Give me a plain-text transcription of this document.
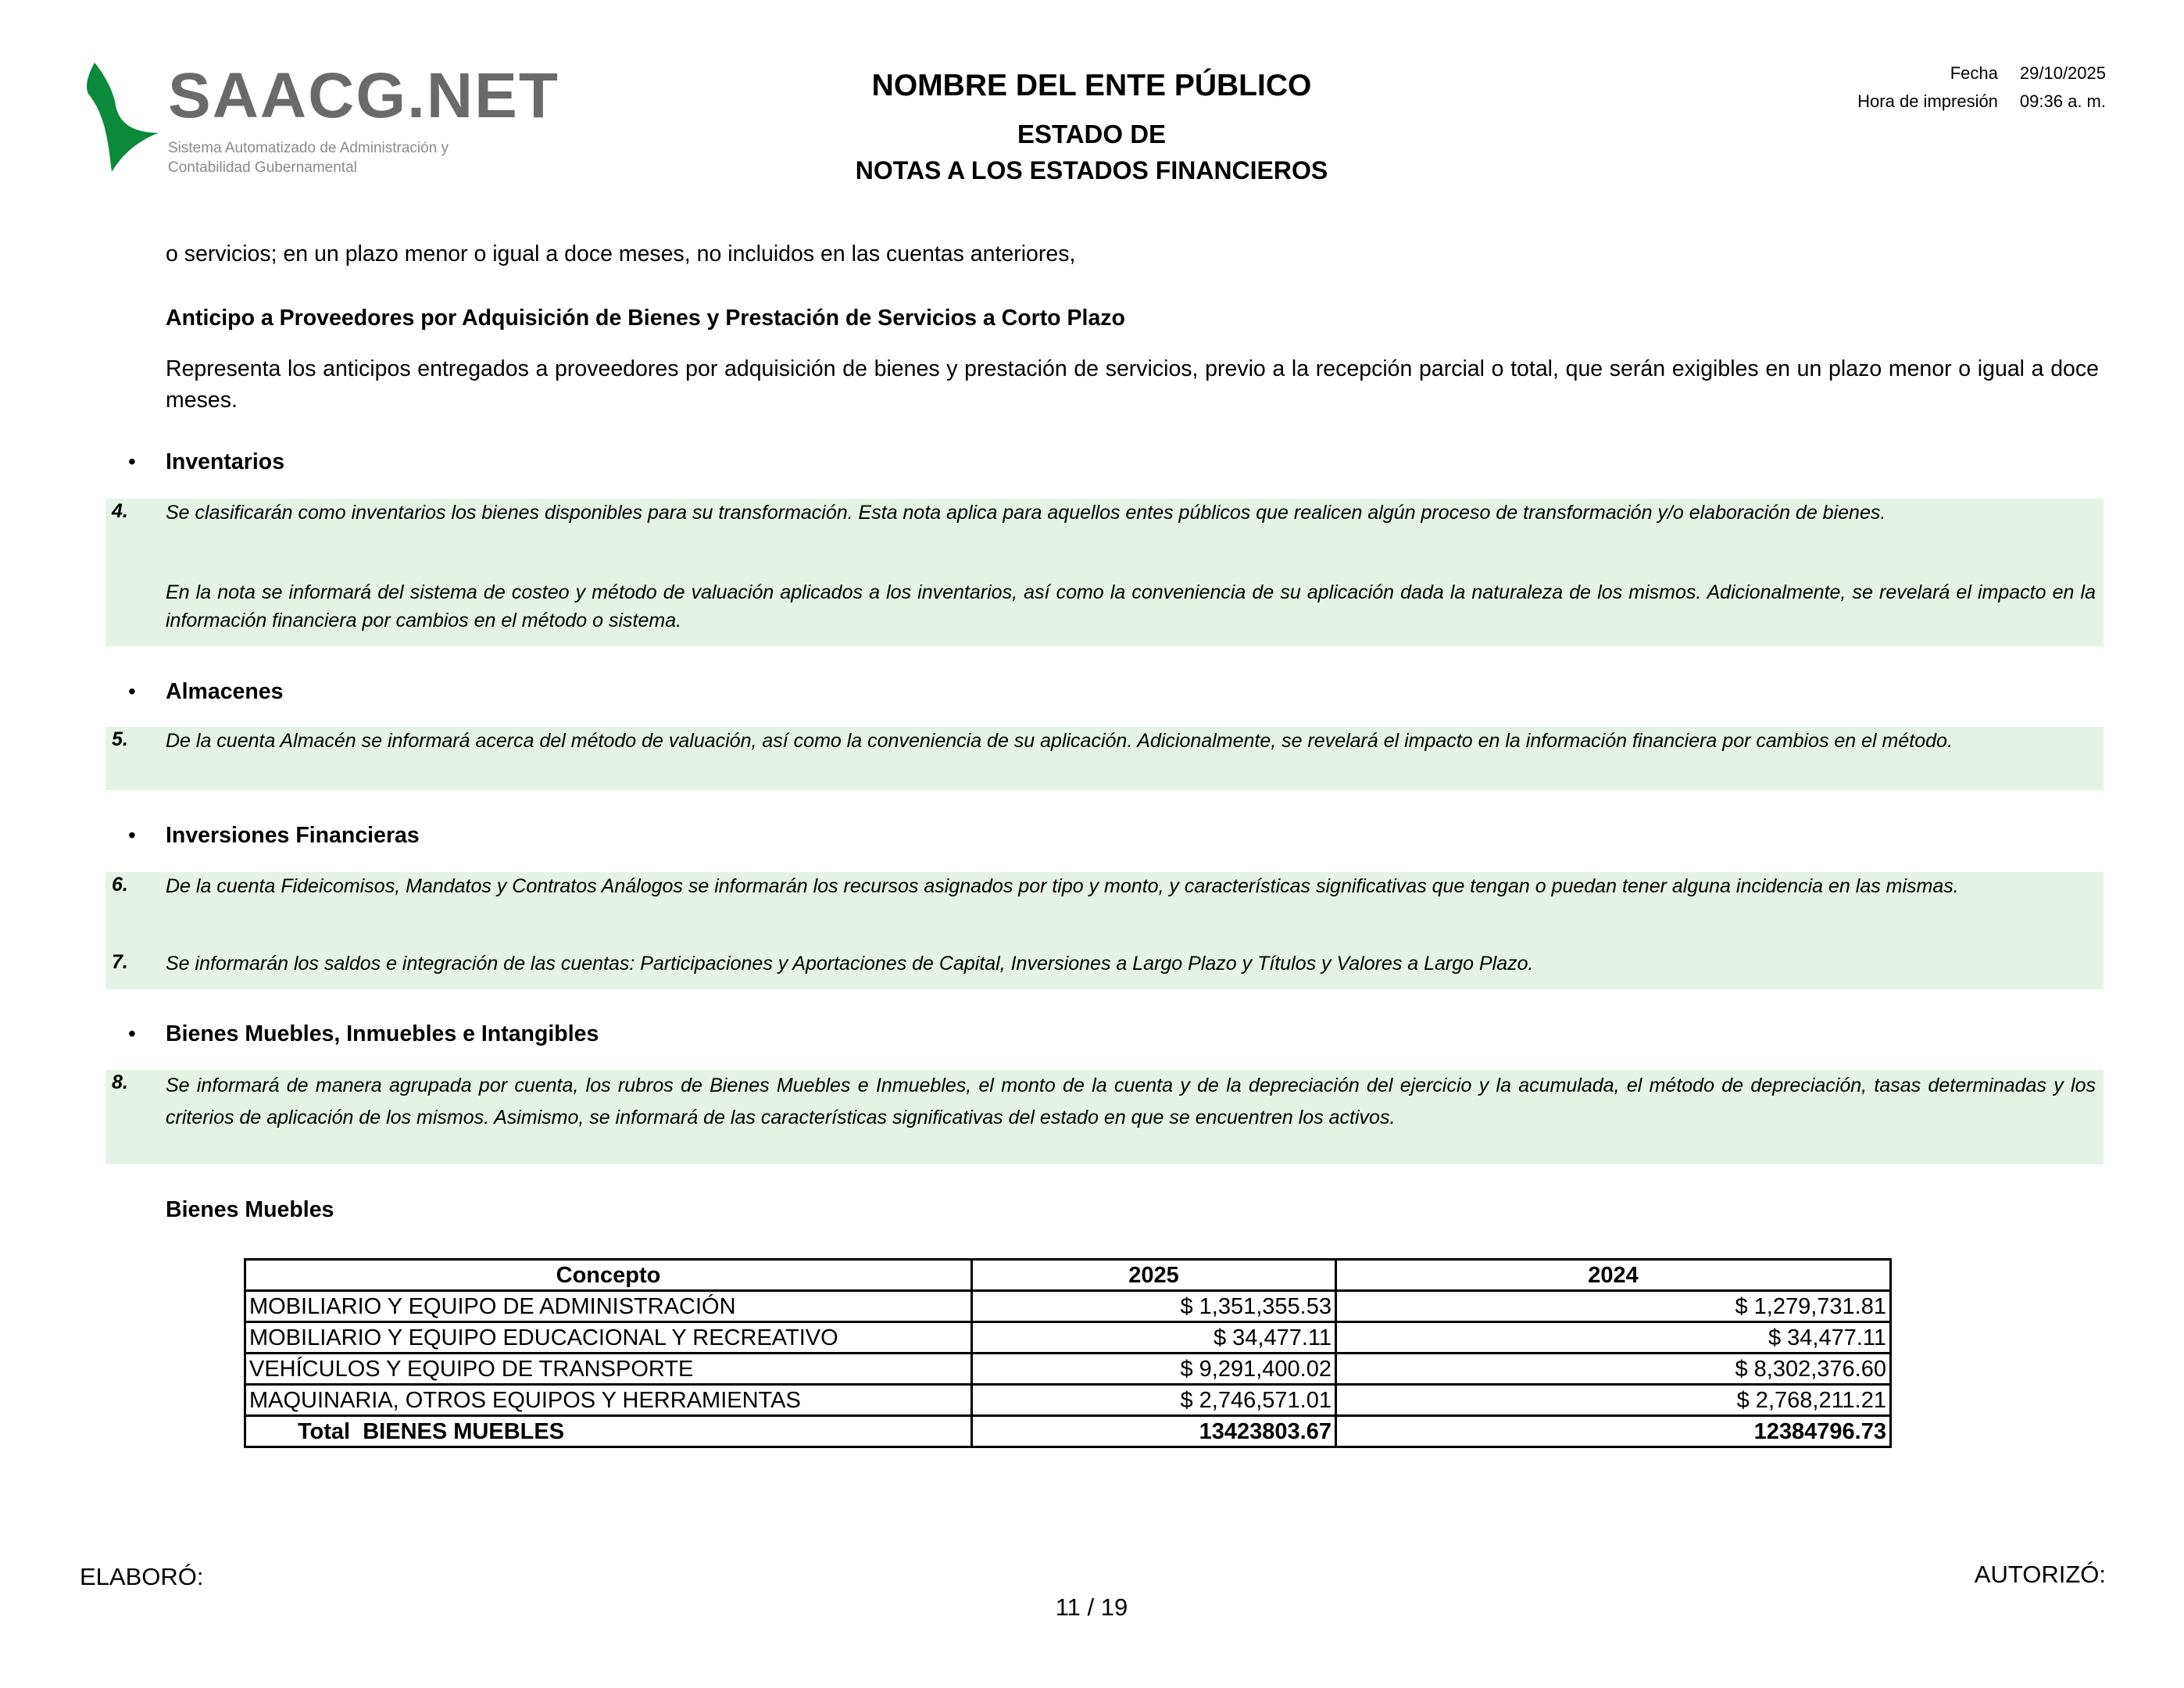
SAACG.NET
Sistema Automatizado de Administración y
Contabilidad Gubernamental
NOMBRE DEL ENTE PÚBLICO
ESTADO DE
NOTAS A LOS ESTADOS FINANCIEROS
Fecha 29/10/2025
Hora de impresión 09:36 a. m.
o servicios; en un plazo menor o igual a doce meses, no incluidos en las cuentas anteriores,
Anticipo a Proveedores por Adquisición de Bienes y Prestación de Servicios a Corto Plazo
Representa los anticipos entregados a proveedores por adquisición de bienes y prestación de servicios, previo a la recepción parcial o total, que serán exigibles en un plazo menor o igual a doce meses.
• Inventarios
4. Se clasificarán como inventarios los bienes disponibles para su transformación. Esta nota aplica para aquellos entes públicos que realicen algún proceso de transformación y/o elaboración de bienes.
En la nota se informará del sistema de costeo y método de valuación aplicados a los inventarios, así como la conveniencia de su aplicación dada la naturaleza de los mismos. Adicionalmente, se revelará el impacto en la información financiera por cambios en el método o sistema.
• Almacenes
5. De la cuenta Almacén se informará acerca del método de valuación, así como la conveniencia de su aplicación. Adicionalmente, se revelará el impacto en la información financiera por cambios en el método.
• Inversiones Financieras
6. De la cuenta Fideicomisos, Mandatos y Contratos Análogos se informarán los recursos asignados por tipo y monto, y características significativas que tengan o puedan tener alguna incidencia en las mismas.
7. Se informarán los saldos e integración de las cuentas: Participaciones y Aportaciones de Capital, Inversiones a Largo Plazo y Títulos y Valores a Largo Plazo.
• Bienes Muebles, Inmuebles e Intangibles
8. Se informará de manera agrupada por cuenta, los rubros de Bienes Muebles e Inmuebles, el monto de la cuenta y de la depreciación del ejercicio y la acumulada, el método de depreciación, tasas determinadas y los criterios de aplicación de los mismos. Asimismo, se informará de las características significativas del estado en que se encuentren los activos.
Bienes Muebles
Concepto	2025	2024
MOBILIARIO Y EQUIPO DE ADMINISTRACIÓN	$ 1,351,355.53	$ 1,279,731.81
MOBILIARIO Y EQUIPO EDUCACIONAL Y RECREATIVO	$ 34,477.11	$ 34,477.11
VEHÍCULOS Y EQUIPO DE TRANSPORTE	$ 9,291,400.02	$ 8,302,376.60
MAQUINARIA, OTROS EQUIPOS Y HERRAMIENTAS	$ 2,746,571.01	$ 2,768,211.21
Total  BIENES MUEBLES	13423803.67	12384796.73
ELABORÓ:	AUTORIZÓ:
11 / 19
